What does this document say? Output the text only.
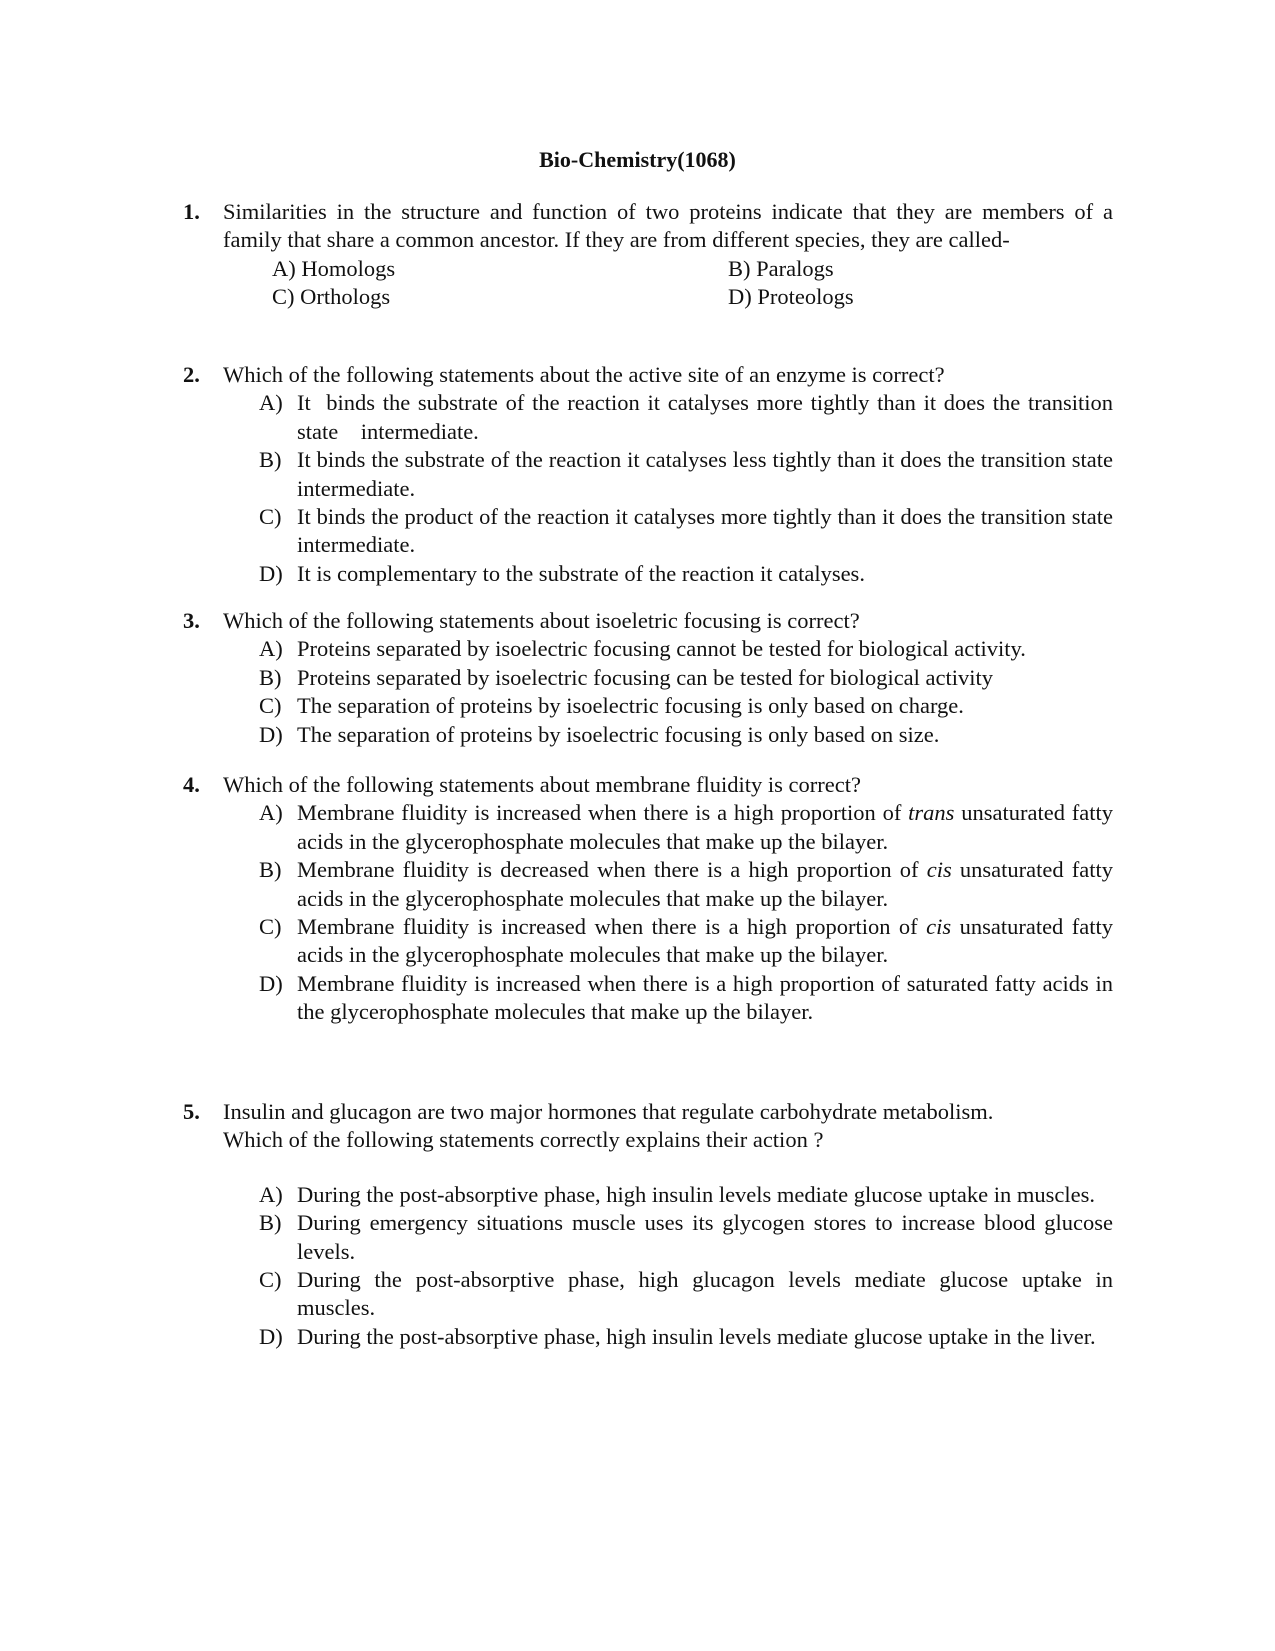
Bio-Chemistry(1068)
1. Similarities in the structure and function of two proteins indicate that they are members of a family that share a common ancestor. If they are from different species, they are called-
A) Homologs	B) Paralogs
C) Orthologs	D) Proteologs
2. Which of the following statements about the active site of an enzyme is correct?
A) It  binds the substrate of the reaction it catalyses more tightly than it does the transition state    intermediate.
B) It binds the substrate of the reaction it catalyses less tightly than it does the transition state intermediate.
C) It binds the product of the reaction it catalyses more tightly than it does the transition state intermediate.
D) It is complementary to the substrate of the reaction it catalyses.
3. Which of the following statements about isoeletric focusing is correct?
A) Proteins separated by isoelectric focusing cannot be tested for biological activity.
B) Proteins separated by isoelectric focusing can be tested for biological activity
C) The separation of proteins by isoelectric focusing is only based on charge.
D) The separation of proteins by isoelectric focusing is only based on size.
4. Which of the following statements about membrane fluidity is correct?
A) Membrane fluidity is increased when there is a high proportion of trans unsaturated fatty acids in the glycerophosphate molecules that make up the bilayer.
B) Membrane fluidity is decreased when there is a high proportion of cis unsaturated fatty acids in the glycerophosphate molecules that make up the bilayer.
C) Membrane fluidity is increased when there is a high proportion of cis unsaturated fatty acids in the glycerophosphate molecules that make up the bilayer.
D) Membrane fluidity is increased when there is a high proportion of saturated fatty acids in the glycerophosphate molecules that make up the bilayer.
5. Insulin and glucagon are two major hormones that regulate carbohydrate metabolism.
Which of the following statements correctly explains their action ?
A) During the post-absorptive phase, high insulin levels mediate glucose uptake in muscles.
B) During emergency situations muscle uses its glycogen stores to increase blood glucose levels.
C) During the post-absorptive phase, high glucagon levels mediate glucose uptake in muscles.
D) During the post-absorptive phase, high insulin levels mediate glucose uptake in the liver.
